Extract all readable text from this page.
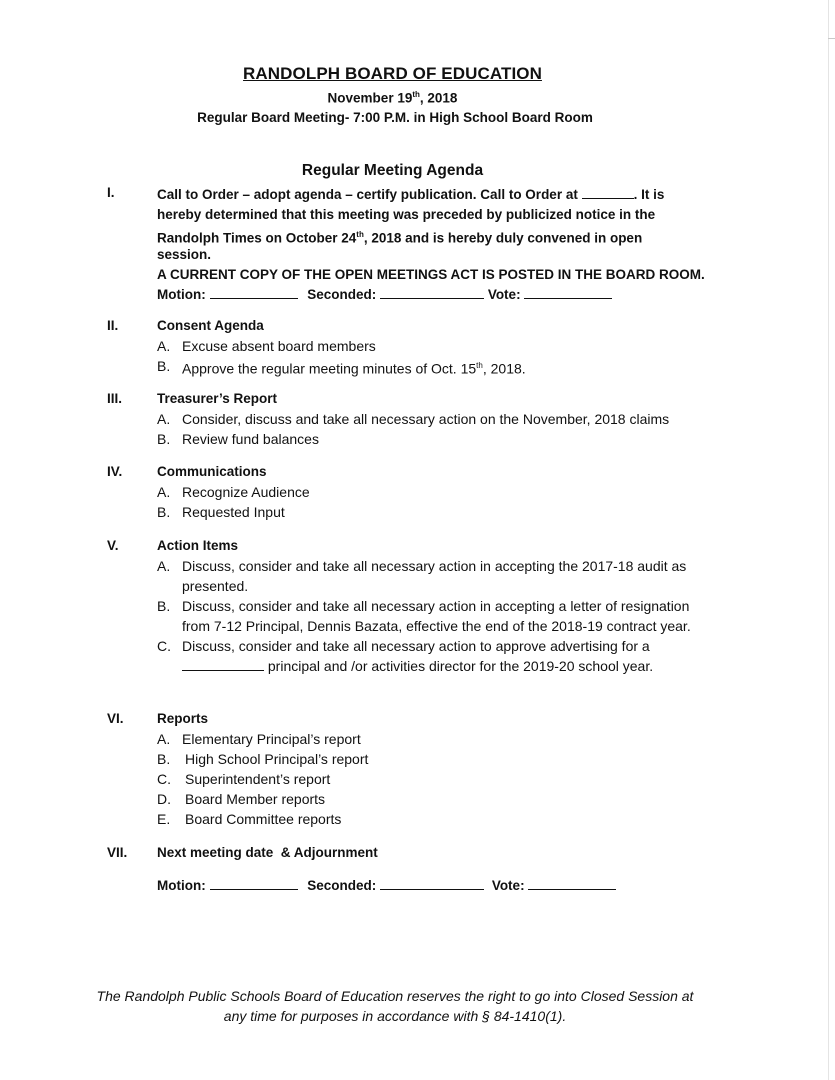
RANDOLPH BOARD OF EDUCATION
November 19th, 2018
Regular Board Meeting- 7:00 P.M. in High School Board Room
Regular Meeting Agenda
I.	Call to Order – adopt agenda – certify publication. Call to Order at	. It is
hereby determined that this meeting was preceded by publicized notice in the
Randolph Times on October 24th, 2018 and is hereby duly convened in open
session.
A CURRENT COPY OF THE OPEN MEETINGS ACT IS POSTED IN THE BOARD ROOM.
Motion:	Seconded:	Vote:
II.	Consent Agenda
A. Excuse absent board members
B. Approve the regular meeting minutes of Oct. 15th, 2018.
III.	Treasurer’s Report
A. Consider, discuss and take all necessary action on the November, 2018 claims
B. Review fund balances
IV.	Communications
A. Recognize Audience
B. Requested Input
V.	Action Items
A. Discuss, consider and take all necessary action in accepting the 2017-18 audit as presented.
B. Discuss, consider and take all necessary action in accepting a letter of resignation from 7-12 Principal, Dennis Bazata, effective the end of the 2018-19 contract year.
C. Discuss, consider and take all necessary action to approve advertising for a
principal and /or activities director for the 2019-20 school year.
VI. Reports
A. Elementary Principal’s report
B. High School Principal’s report
C. Superintendent’s report
D. Board Member reports
E. Board Committee reports
VII. Next meeting date  & Adjournment
Motion:	Seconded:	Vote:
The Randolph Public Schools Board of Education reserves the right to go into Closed Session at
any time for purposes in accordance with § 84-1410(1).
